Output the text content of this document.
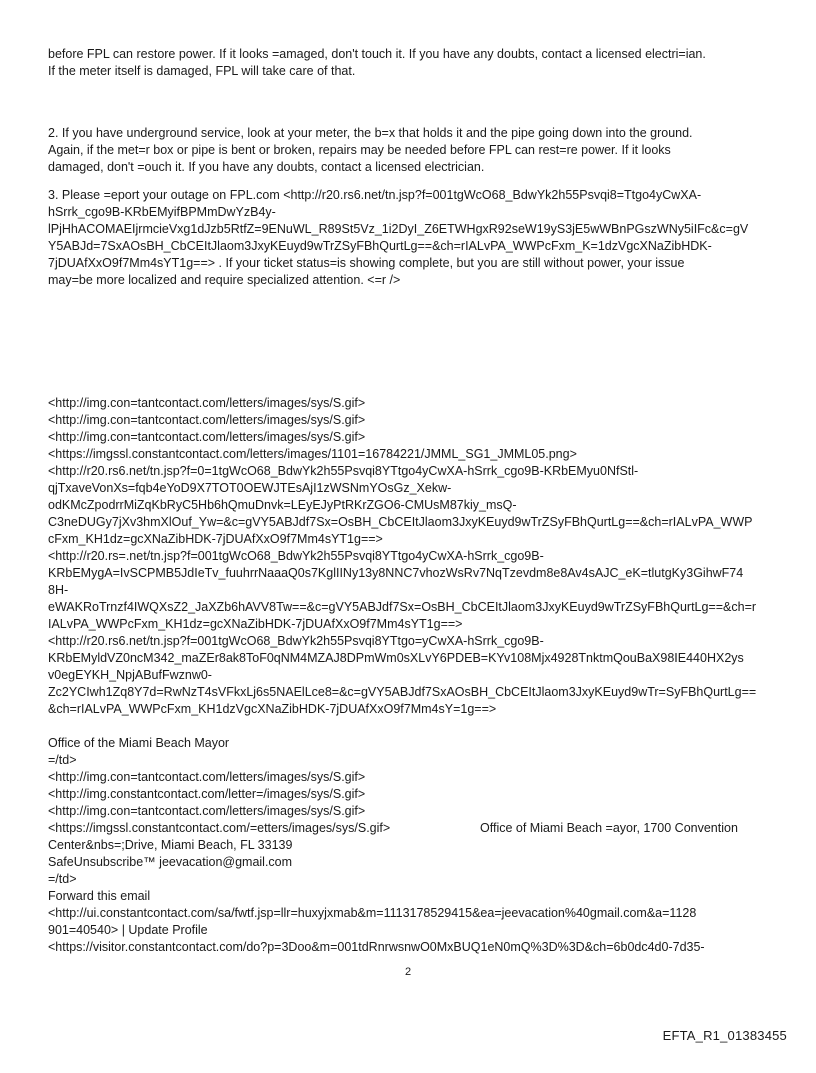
before FPL can restore power. If it looks =amaged, don't touch it. If you have any doubts, contact a licensed electri=ian.
If the meter itself is damaged, FPL will take care of that.
2. If you have underground service, look at your meter, the b=x that holds it and the pipe going down into the ground.
Again, if the met=r box or pipe is bent or broken, repairs may be needed before FPL can rest=re power. If it looks
damaged, don't =ouch it. If you have any doubts, contact a licensed electrician.
3. Please =eport your outage on FPL.com <http://r20.rs6.net/tn.jsp?f=001tgWcO68_BdwYk2h55Psvqi8=Ttgo4yCwXA-
hSrrk_cgo9B-KRbEMyifBPMmDwYzB4y-
lPjHhACOMAEIjrmcieVxg1dJzb5RtfZ=9ENuWL_R89St5Vz_1i2DyI_Z6ETWHgxR92seW19yS3jE5wWBnPGszWNy5iIFc&c=gV
Y5ABJd=7SxAOsBH_CbCEItJlaom3JxyKEuyd9wTrZSyFBhQurtLg==&ch=rIALvPA_WWPcFxm_K=1dzVgcXNaZibHDK-
7jDUAfXxO9f7Mm4sYT1g==> . If your ticket status=is showing complete, but you are still without power, your issue
may=be more localized and require specialized attention. <=r />
<http://img.con=tantcontact.com/letters/images/sys/S.gif>
<http://img.con=tantcontact.com/letters/images/sys/S.gif>
<http://img.con=tantcontact.com/letters/images/sys/S.gif>
<https://imgssl.constantcontact.com/letters/images/1101=16784221/JMML_SG1_JMML05.png>
<http://r20.rs6.net/tn.jsp?f=0=1tgWcO68_BdwYk2h55Psvqi8YTtgo4yCwXA-hSrrk_cgo9B-KRbEMyu0NfStl-
qjTxaveVonXs=fqb4eYoD9X7TOT0OEWJTEsAjI1zWSNmYOsGz_Xekw-
odKMcZpodrrMiZqKbRyC5Hb6hQmuDnvk=LEyEJyPtRKrZGO6-CMUsM87kiy_msQ-
C3neDUGy7jXv3hmXlOuf_Yw=&c=gVY5ABJdf7Sx=OsBH_CbCEItJlaom3JxyKEuyd9wTrZSyFBhQurtLg==&ch=rIALvPA_WWP
cFxm_KH1dz=gcXNaZibHDK-7jDUAfXxO9f7Mm4sYT1g==>
<http://r20.rs=.net/tn.jsp?f=001tgWcO68_BdwYk2h55Psvqi8YTtgo4yCwXA-hSrrk_cgo9B-
KRbEMygA=IvSCPMB5JdIeTv_fuuhrrNaaaQ0s7KglIINy13y8NNC7vhozWsRv7NqTzevdm8e8Av4sAJC_eK=tlutgKy3GihwF74
8H-
eWAKRoTrnzf4IWQXsZ2_JaXZb6hAVV8Tw==&c=gVY5ABJdf7Sx=OsBH_CbCEItJlaom3JxyKEuyd9wTrZSyFBhQurtLg==&ch=r
IALvPA_WWPcFxm_KH1dz=gcXNaZibHDK-7jDUAfXxO9f7Mm4sYT1g==>
<http://r20.rs6.net/tn.jsp?f=001tgWcO68_BdwYk2h55Psvqi8YTtgo=yCwXA-hSrrk_cgo9B-
KRbEMyldVZ0ncM342_maZEr8ak8ToF0qNM4MZAJ8DPmWm0sXLvY6PDEB=KYv108Mjx4928TnktmQouBaX98IE440HX2ys
v0egEYKH_NpjABufFwznw0-
Zc2YCIwh1Zq8Y7d=RwNzT4sVFkxLj6s5NAElLce8=&c=gVY5ABJdf7SxAOsBH_CbCEItJlaom3JxyKEuyd9wTr=SyFBhQurtLg==
&ch=rIALvPA_WWPcFxm_KH1dzVgcXNaZibHDK-7jDUAfXxO9f7Mm4sY=1g==>
Office of the Miami Beach Mayor
=/td>
<http://img.con=tantcontact.com/letters/images/sys/S.gif>
<http://img.constantcontact.com/letter=/images/sys/S.gif>
<http://img.con=tantcontact.com/letters/images/sys/S.gif>
<https://imgssl.constantcontact.com/=etters/images/sys/S.gif>	Office of Miami Beach =ayor, 1700 Convention
Center&nbs=;Drive, Miami Beach, FL 33139
SafeUnsubscribe™ jeevacation@gmail.com
=/td>
Forward this email
<http://ui.constantcontact.com/sa/fwtf.jsp=llr=huxyjxmab&m=1113178529415&ea=jeevacation%40gmail.com&a=1128
901=40540> | Update Profile
<https://visitor.constantcontact.com/do?p=3Doo&m=001tdRnrwsnwO0MxBUQ1eN0mQ%3D%3D&ch=6b0dc4d0-7d35-
2
EFTA_R1_01383455
